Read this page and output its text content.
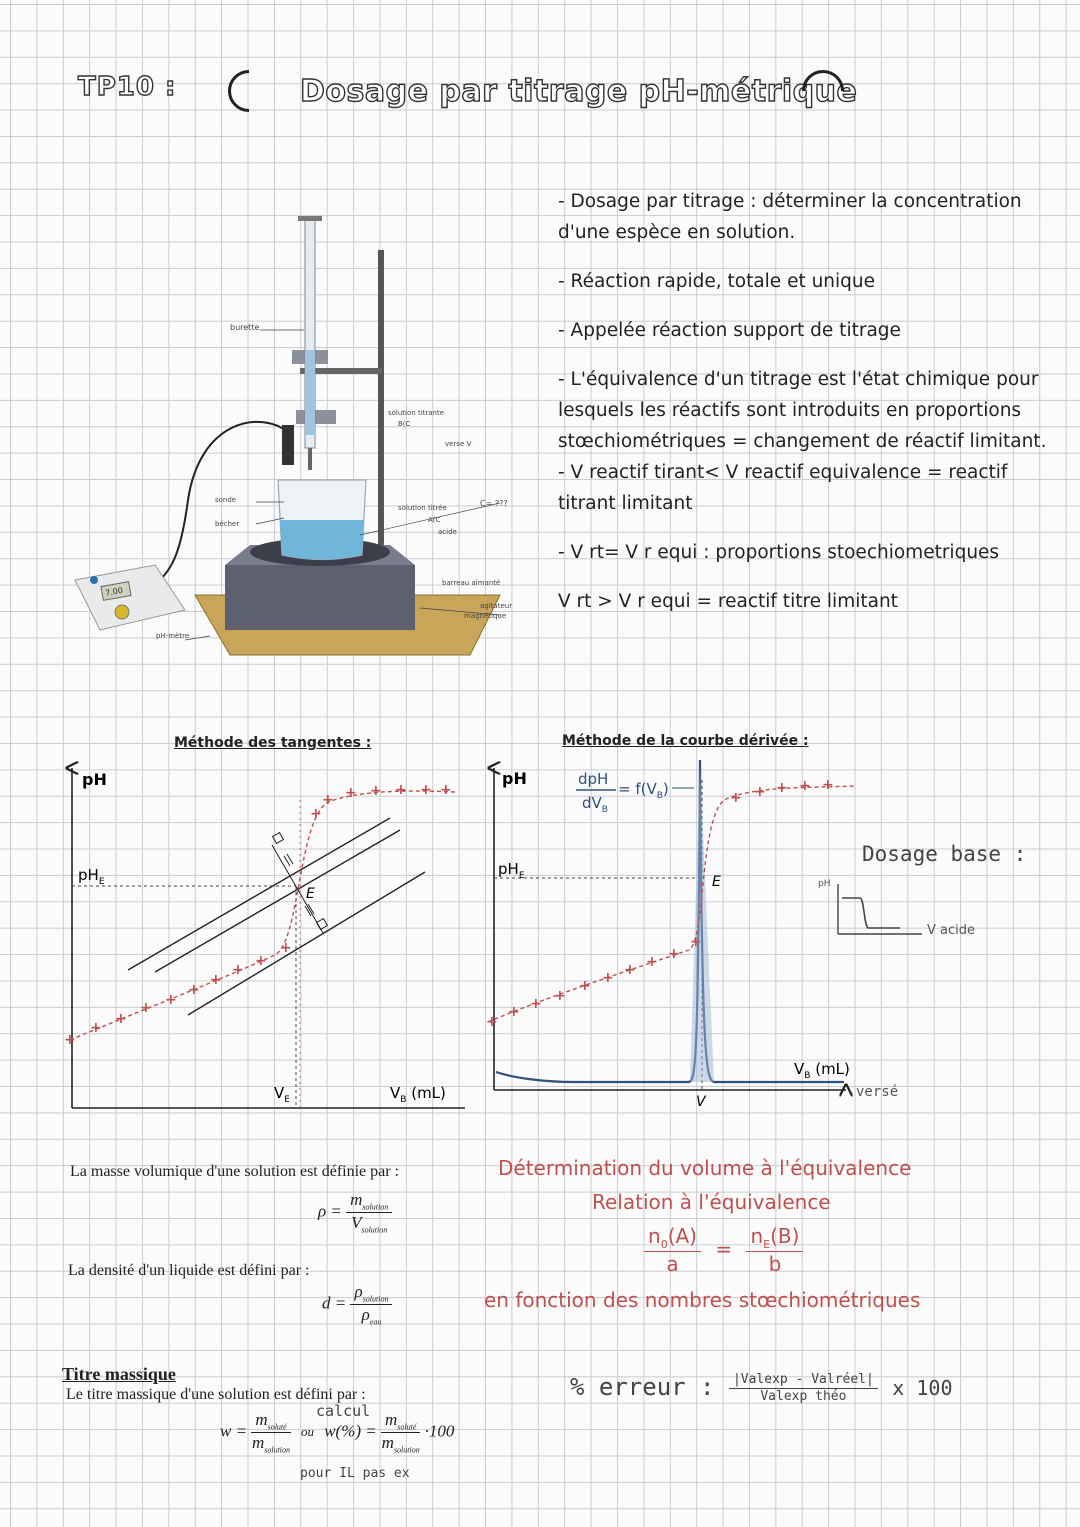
TP10 :	Dosage par titrage pH-métrique
burette
solution titrante
B(C
verse V
sonde
bécher
solution titrée
A(C
acide
C= ???
barreau aimanté
agitateur
magnétique
pH-mètre
7.00

- Dosage par titrage : déterminer la concentration d'une espèce en solution.

- Réaction rapide, totale et unique

- Appelée réaction support de titrage

- L'équivalence d'un titrage est l'état chimique pour lesquels les réactifs sont introduits en proportions stœchiométriques = changement de réactif limitant.

- V reactif tirant< V reactif equivalence = reactif titrant limitant

- V rt= V r equi : proportions stoechiometriques

V rt > V r equi = reactif titre limitant

Méthode des tangentes :
+
+
+
+ +
+
+
+
+
+
+
+ + + + + +
pH
$pH_E$
E
$V_E$	$V_B$ (mL)
Méthode de la courbe dérivée :
+
+ + +
+ + + + +
+
+ + + + +
pH	dpH
$dV_B$
= $f(V_B)$
$pH_E$	E
$V_B$ (mL)
V
versé
Dosage base :
pH
V acide
La masse volumique d'une solution est définie par :
$\rho = \frac{m_{solution}}{V_{solution}}$
La densité d'un liquide est défini par :
$d = \frac{\rho_{solution}}{\rho_{eau}}$
Titre massique
Le titre massique d'une solution est défini par :
calcul
$w = \frac{m_{soluté}}{m_{solution}}$ ou $w(\%) = \frac{m_{soluté}}{m_{solution}} \cdot 100$
pour IL pas ex
Détermination du volume à l'équivalence
Relation à l'équivalence
$\frac{n_0(A)}{a} = \frac{n_E(B)}{b}$
en fonction des nombres stœchiométriques
% erreur : $\frac{\text{|Valexp - Valréel|}}{\text{Valexp théo}}$ x 100
